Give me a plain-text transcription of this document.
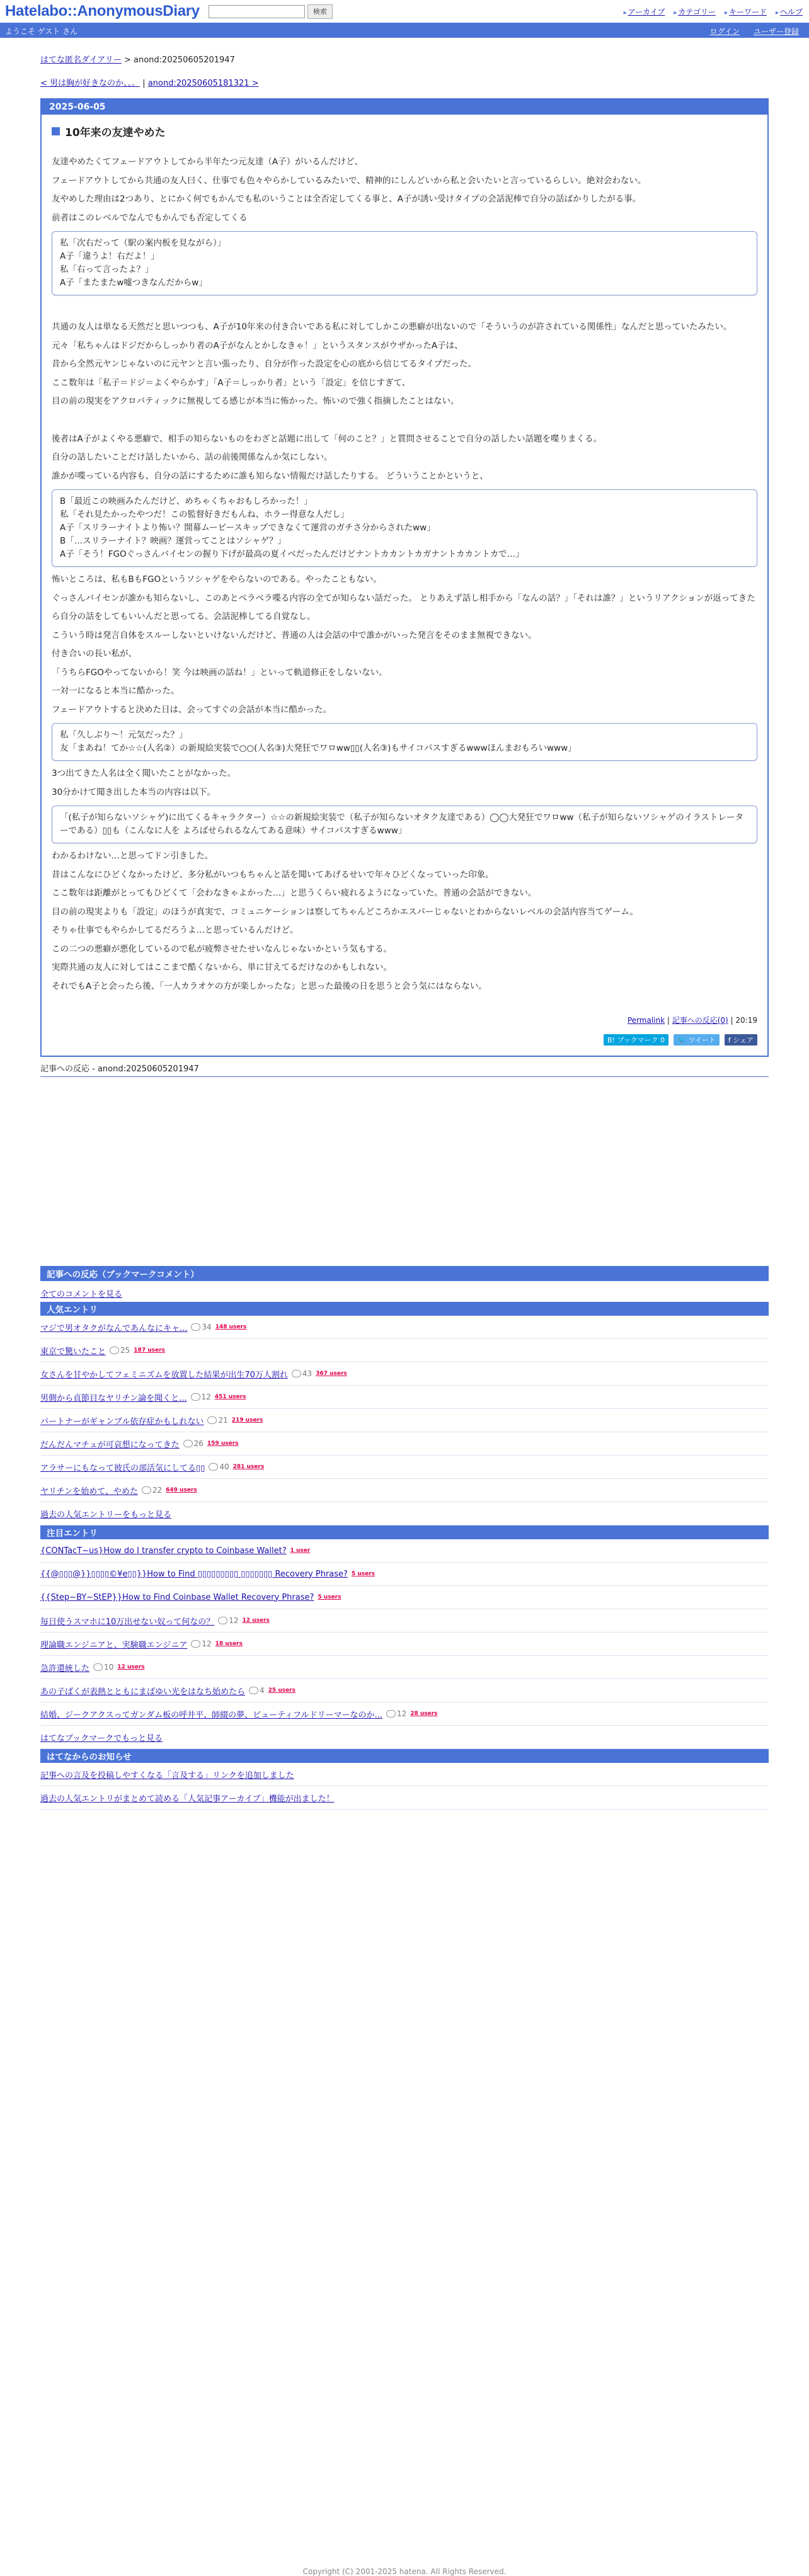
Hatelabo::AnonymousDiary	検索	▸ アーカイブ	▸ カテゴリー	▸ キーワード	▸ ヘルプ
ようこそ ゲスト さん	ログイン ユーザー登録
はてな匿名ダイアリー > anond:20250605201947
< 男は胸が好きなのか、、。 | anond:20250605181321 >
2025-06-05
10年来の友達やめた
友達やめたくてフェードアウトしてから半年たつ元友達（A子）がいるんだけど、
フェードアウトしてから共通の友人曰く、仕事でも色々やらかしているみたいで、精神的にしんどいから私と会いたいと言っているらしい。絶対会わない。
友やめした理由は2つあり、とにかく何でもかんでも私のいうことは全否定してくる事と、A子が誘い受けタイプの会話泥棒で自分の話ばかりしたがる事。
前者はこのレベルでなんでもかんでも否定してくる
私「次右だって（駅の案内板を見ながら）」
A子「違うよ！右だよ！」
私「右って言ったよ？」
A子「またまたw嘘つきなんだからw」
共通の友人は単なる天然だと思いつつも、A子が10年来の付き合いである私に対してしかこの悪癖が出ないので「そういうのが許されている関係性」なんだと思っていたみたい。
元々「私ちゃんはドジだからしっかり者のA子がなんとかしなきゃ！」というスタンスがウザかったA子は、
昔から全然元ヤンじゃないのに元ヤンと言い張ったり、自分が作った設定を心の底から信じてるタイプだった。
ここ数年は「私子＝ドジ＝よくやらかす」「A子＝しっかり者」という「設定」を信じすぎて、
目の前の現実をアクロバティックに無視してる感じが本当に怖かった。怖いので強く指摘したことはない。
後者はA子がよくやる悪癖で、相手の知らないものをわざと話題に出して「何のこと？」と質問させることで自分の話したい話題を喋りまくる。
自分の話したいことだけ話したいから、話の前後関係なんか気にしない。
誰かが喋っている内容も、自分の話にするために誰も知らない情報だけ話したりする。 どういうことかというと、
B「最近この映画みたんだけど、めちゃくちゃおもしろかった！」
私「それ見たかったやつだ！この監督好きだもんね、ホラー得意な人だし」
A子「スリラーナイトより怖い？開幕ムービースキップできなくて運営のガチさ分からされたww」
B「…スリラーナイト？映画？運営ってことはソシャゲ？」
A子「そう！FGOぐっさんバイセンの握り下げが最高の夏イベだったんだけどナントカカントカガナントカカントカで…」
怖いところは、私もBもFGOというソシャゲをやらないのである。やったこともない。
ぐっさんバイセンが誰かも知らないし、このあとベラベラ喋る内容の全てが知らない話だった。 とりあえず話し相手から「なんの話？」「それは誰？」というリアクションが返ってきたら自分の話をしてもいいんだと思ってる。会話泥棒してる自覚なし。
こういう時は発言自体をスルーしないといけないんだけど、普通の人は会話の中で誰かがいった発言をそのまま無視できない。
付き合いの長い私が、
「うちらFGOやってないから！笑 今は映画の話ね！」といって軌道修正をしないない。
一対一になると本当に酷かった。
フェードアウトすると決めた日は、会ってすぐの会話が本当に酷かった。
私「久しぶり〜！元気だった？」
友「まあね！てか☆☆(人名②）の新規絵実装で○○(人名③)大発狂でワロww▯▯(人名③)もサイコパスすぎるwwwほんまおもろいwww」
3つ出てきた人名は全く聞いたことがなかった。
30分かけて聞き出した本当の内容は以下。
「(私子が知らないソシャゲ)に出てくるキャラクター）☆☆の新規絵実装で（私子が知らないオタク友達である）◯◯大発狂でワロww（私子が知らないソシャゲのイラストレーターである）▯▯も（こんなに人を よろばせられるなんてある意味）サイコパスすぎるwww」
わかるわけない…と思ってドン引きした。
昔はこんなにひどくなかったけど、多分私がいつもちゃんと話を聞いてあげるせいで年々ひどくなっていった印象。
ここ数年は距離がとってもひどくて「会わなきゃよかった…」と思うくらい疲れるようになっていた。普通の会話ができない。
目の前の現実よりも「設定」のほうが真実で、コミュニケーションは察してちゃんどころかエスパーじゃないとわからないレベルの会話内容当てゲーム。
そりゃ仕事でもやらかしてるだろうよ…と思っているんだけど。
この二つの悪癖が悪化しているので私が疲弊させたせいなんじゃないかという気もする。
実際共通の友人に対してはここまで酷くないから、単に甘えてるだけなのかもしれない。
それでもA子と会ったら後、「一人カラオケの方が楽しかったな」と思った最後の日を思うと会う気にはならない。
Permalink | 記事への反応(0) | 20:19
B! ブックマーク 0	🐦 ツイート f シェア
記事への反応 - anond:20250605201947
記事への反応（ブックマークコメント）
全てのコメントを見る
人気エントリ
マジで男オタクがなんであんなにキャ... 34 148 users
東京で驚いたこと 25 187 users
女さんを甘やかしてフェミニズムを放置した結果が出生70万人割れ 43 367 users
男側から貞節目なヤリチン論を聞くと... 12 451 users
パートナーがギャンブル依存症かもしれない 21 219 users
だんだんマチュが可哀想になってきた 26 159 users
アラサーにもなって彼氏の部活気にしてる▯▯ 40 281 users
ヤリチンを始めて、やめた 22 649 users
過去の人気エントリーをもっと見る
注目エントリ
{CONTacT~us}How do I transfer crypto to Coinbase Wallet? 1 user
{{@▯▯▯@}}▯▯▯▯©¥e▯▯}}How to Find ▯▯▯▯▯▯▯▯▯ ▯▯▯▯▯▯▯ Recovery Phrase? 5 users
{{Step~BY~StEP}}How to Find Coinbase Wallet Recovery Phrase? 5 users
毎日使うスマホに10万出せない奴って何なの？ 12 12 users
理論職エンジニアと、実験職エンジニア 12 18 users
急許還統した 10 12 users
あの子ばくが表熱とともにまばゆい光をはなち始めたら 4 25 users
結婚、ジークアクスってガンダム板の呼井平、師綴の夢、ビューティフルドリーマーなのか... 12 28 users
はてなブックマークでもっと見る
はてなからのお知らせ
記事への言及を投稿しやすくなる「言及する」リンクを追加しました
過去の人気エントリがまとめて読める「人気記事アーカイブ」機能が出ました！
Copyright (C) 2001-2025 hatena. All Rights Reserved.
